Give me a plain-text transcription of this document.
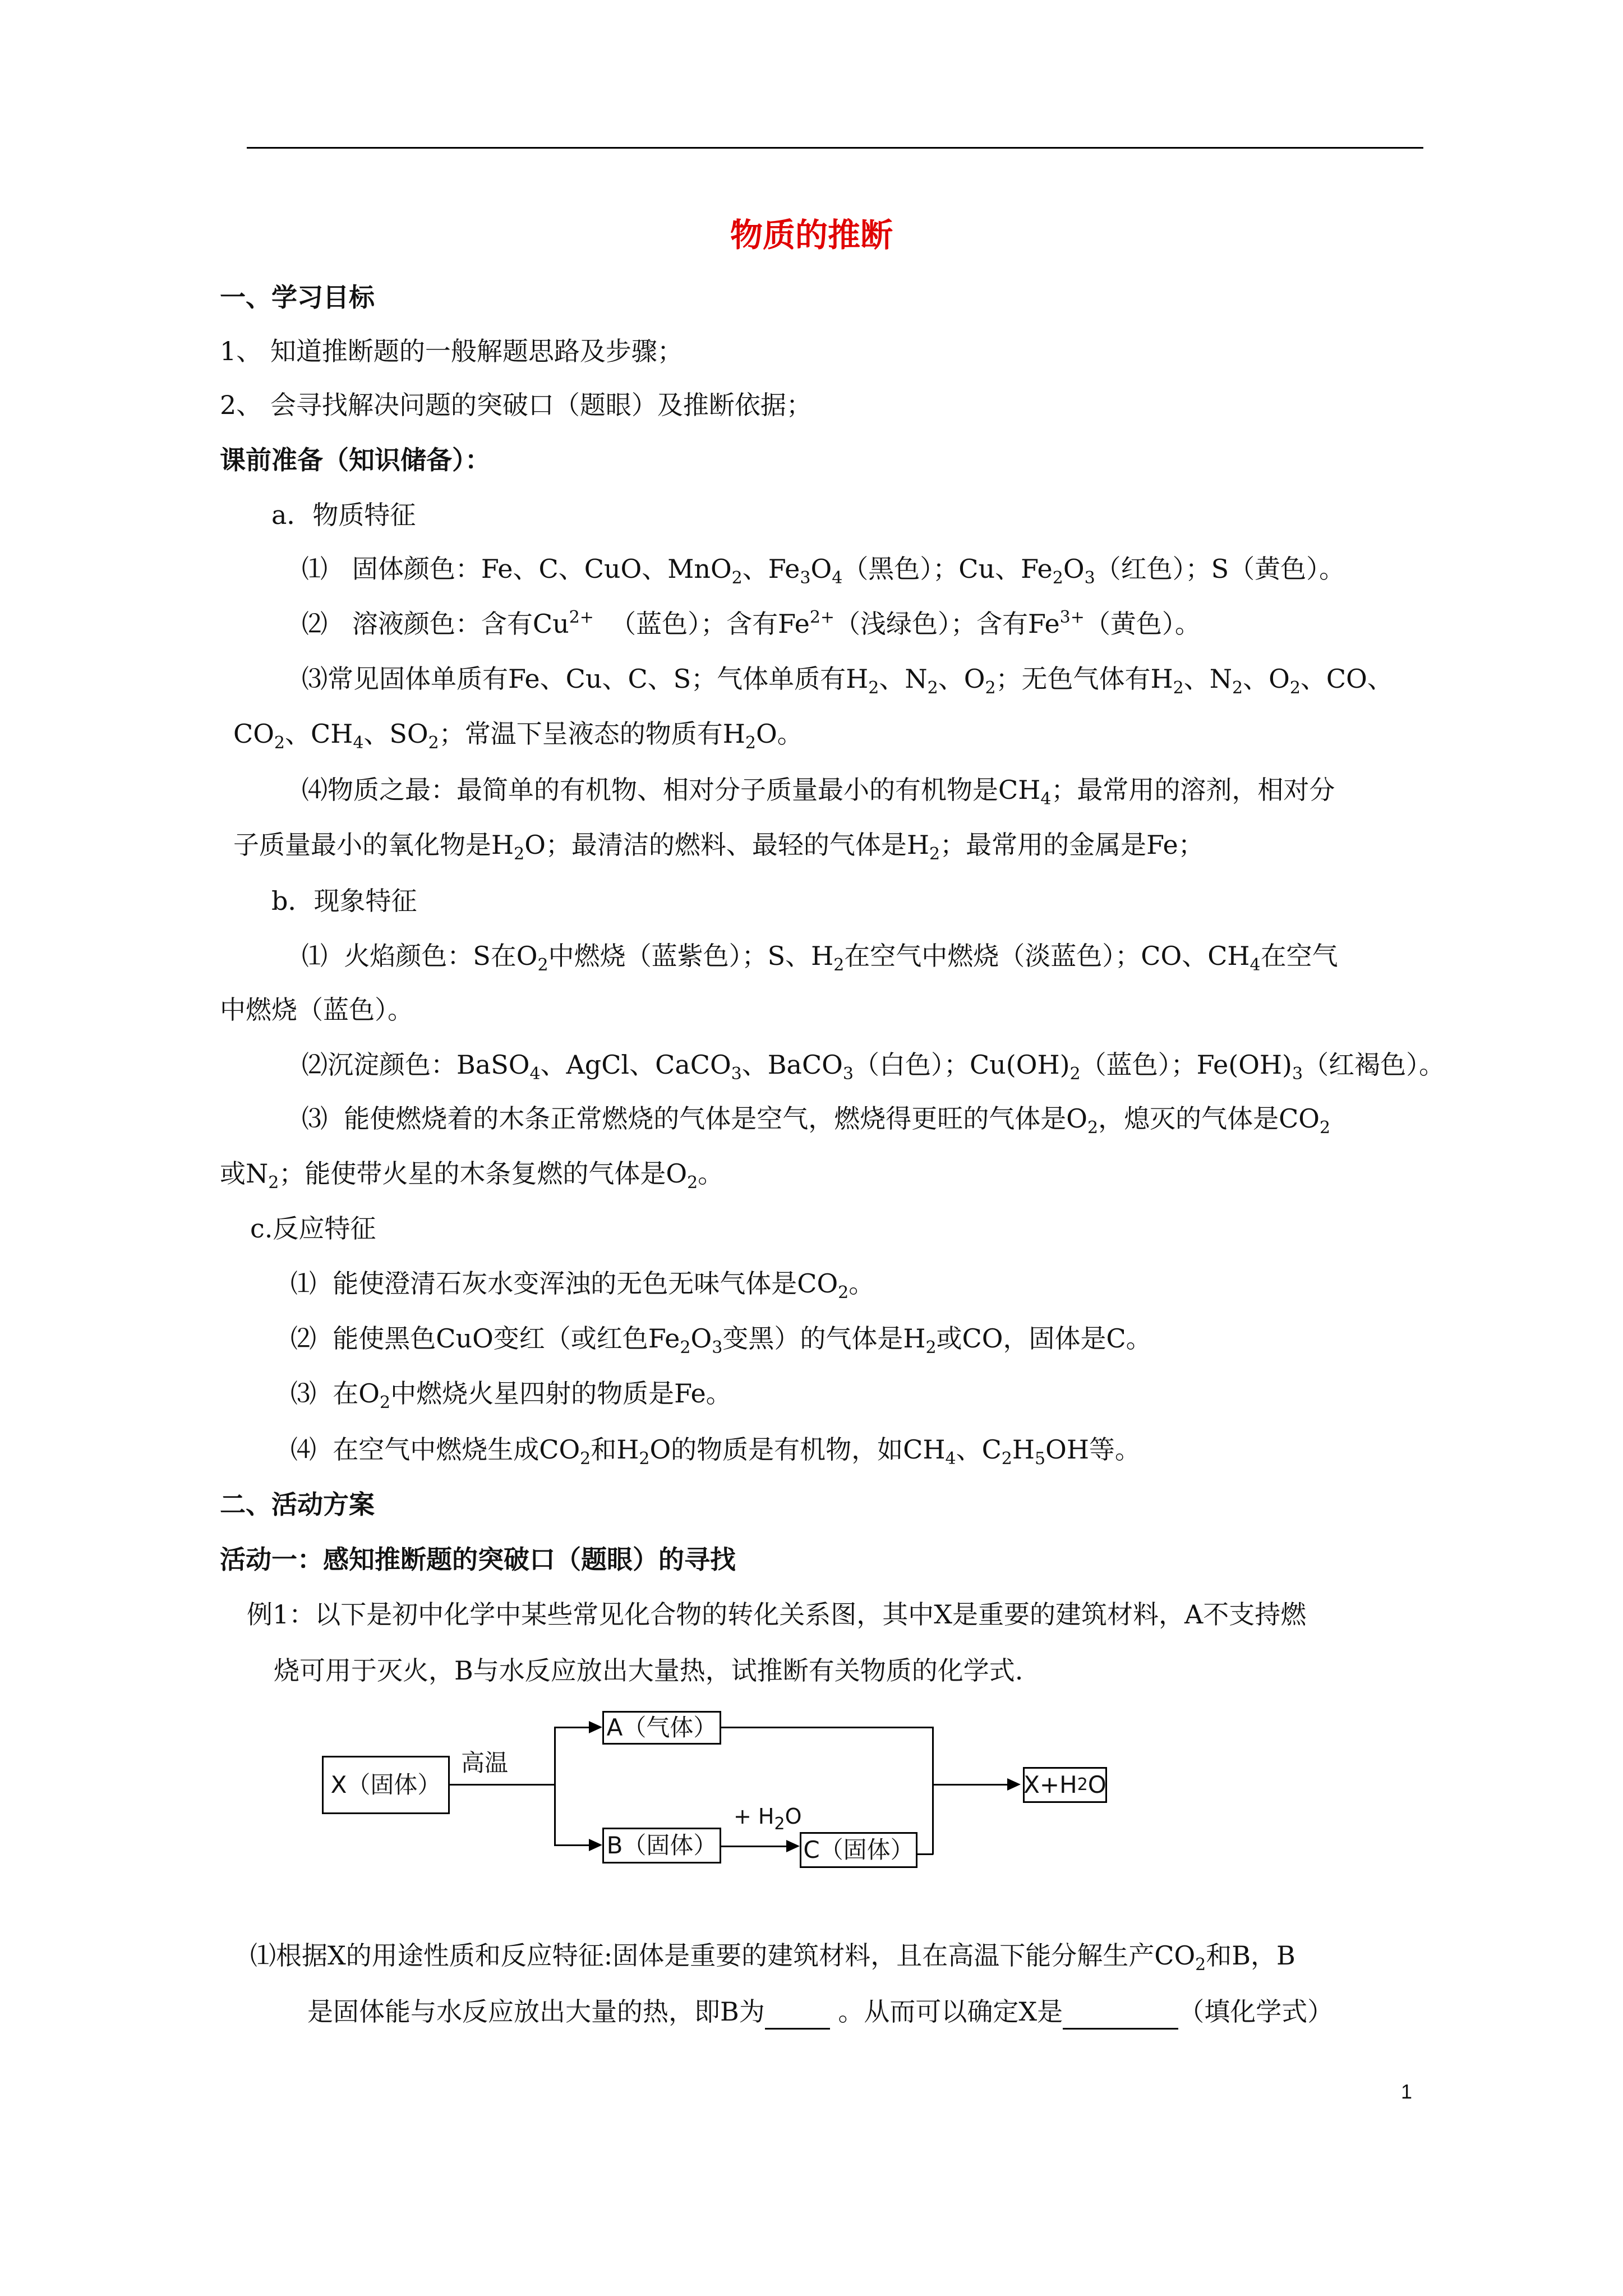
物质的推断
一、学习目标
1、 知道推断题的一般解题思路及步骤；
2、 会寻找解决问题的突破口（题眼）及推断依据；
课前准备（知识储备）：
a．物质特征
⑴ 固体颜色：Fe、C、CuO、MnO$_2$、$Fe_3O_4$（黑色）；Cu、$Fe_2O_3$（红色）；S（黄色）。
⑵ 溶液颜色：含有$Cu^{2+}$  （蓝色）；含有$Fe^{2+}$（浅绿色）；含有$Fe^{3+}$（黄色）。
⑶常见固体单质有Fe、Cu、C、S；气体单质有$H_2$、$N_2$、$O_2$；无色气体有$H_2$、$N_2$、$O_2$、CO、
$CO_2$、$CH_4$、$SO_2$；常温下呈液态的物质有$H_2O$。
⑷物质之最：最简单的有机物、相对分子质量最小的有机物是$CH_4$；最常用的溶剂，相对分
子质量最小的氧化物是$H_2O$；最清洁的燃料、最轻的气体是$H_2$；最常用的金属是Fe；
b．现象特征
⑴  火焰颜色：S在$O_2$中燃烧（蓝紫色）；S、$H_2$在空气中燃烧（淡蓝色）；CO、$CH_4$在空气
中燃烧（蓝色）。
⑵沉淀颜色：BaSO$_4$、AgCl、CaCO$_3$、BaCO$_3$（白色）；$Cu(OH)_2$（蓝色）；$Fe(OH)_3$（红褐色）。
⑶  能使燃烧着的木条正常燃烧的气体是空气，燃烧得更旺的气体是$O_2$，熄灭的气体是$CO_2$
或$N_2$；能使带火星的木条复燃的气体是$O_2$。
c.反应特征
⑴  能使澄清石灰水变浑浊的无色无味气体是$CO_2$。
⑵  能使黑色CuO变红（或红色$Fe_2O_3$变黑）的气体是$H_2$或CO，固体是C。
⑶  在$O_2$中燃烧火星四射的物质是Fe。
⑷  在空气中燃烧生成$CO_2$和$H_2O$的物质是有机物，如$CH_4$、$C_2H_5OH$等。
二、活动方案
活动一：感知推断题的突破口（题眼）的寻找
例1：以下是初中化学中某些常见化合物的转化关系图，其中X是重要的建筑材料，A不支持燃
烧可用于灭火，B与水反应放出大量热，试推断有关物质的化学式.
X（固体）
高温
A（气体）
B（固体）
+ $H_2O$
C（固体）
X+H 2 O
⑴根据X的用途性质和反应特征:固体是重要的建筑材料，且在高温下能分解生产$CO_2$和B，B
是固体能与水反应放出大量的热，即B为	。从而可以确定X是	（填化学式）
1
